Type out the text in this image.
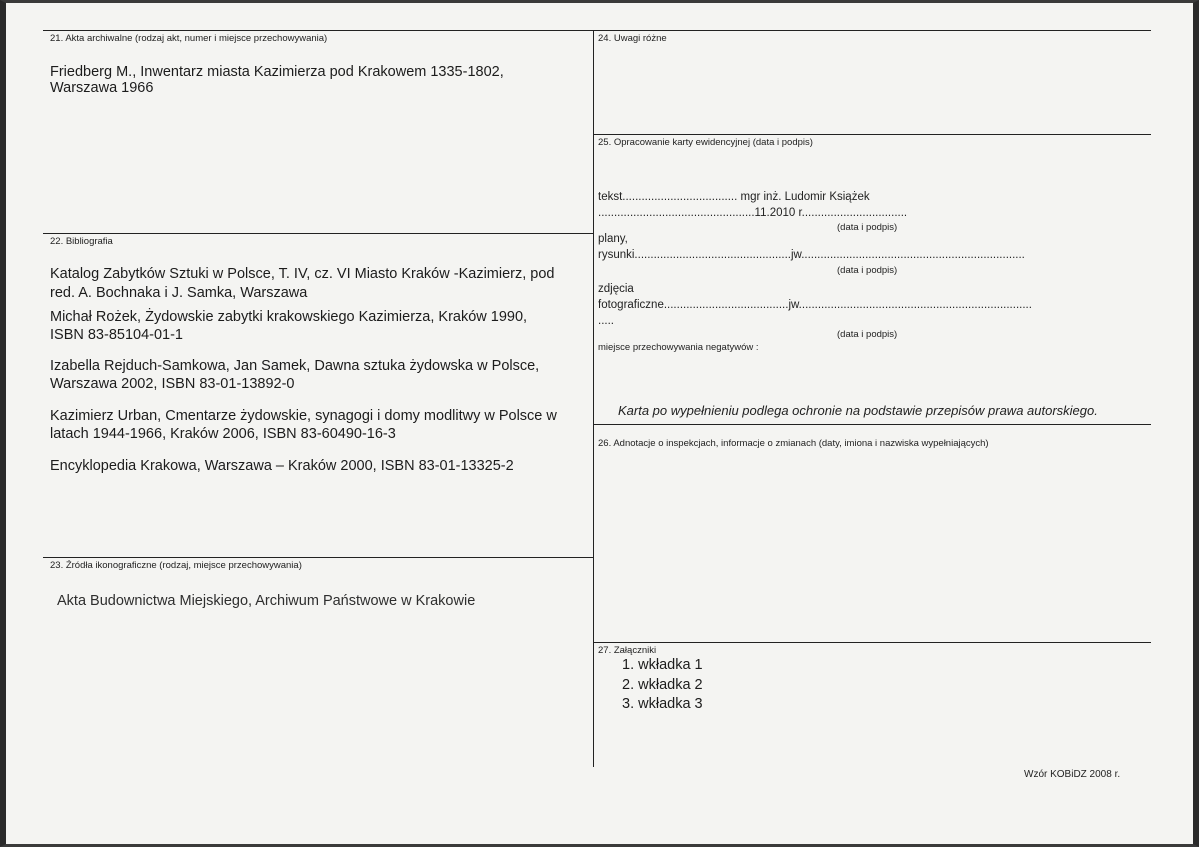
21. Akta archiwalne (rodzaj akt, numer i miejsce przechowywania)
Friedberg M., Inwentarz miasta Kazimierza pod Krakowem 1335-1802,
Warszawa 1966
22. Bibliografia
Katalog Zabytków Sztuki w Polsce, T. IV, cz. VI Miasto Kraków -Kazimierz, pod
red. A. Bochnaka i J. Samka, Warszawa
Michał Rożek, Żydowskie zabytki krakowskiego Kazimierza, Kraków 1990,
ISBN 83-85104-01-1
Izabella Rejduch-Samkowa, Jan Samek, Dawna sztuka żydowska w Polsce,
Warszawa 2002, ISBN 83-01-13892-0
Kazimierz Urban, Cmentarze żydowskie, synagogi i domy modlitwy w Polsce w
latach 1944-1966, Kraków 2006, ISBN 83-60490-16-3
Encyklopedia Krakowa, Warszawa – Kraków 2000, ISBN 83-01-13325-2
23. Źródła ikonograficzne (rodzaj, miejsce przechowywania)
Akta Budownictwa Miejskiego, Archiwum Państwowe w Krakowie
24. Uwagi różne
25. Opracowanie karty ewidencyjnej (data i podpis)
tekst.................................... mgr inż. Ludomir Książek
.................................................11.2010 r.................................
(data i podpis)
plany,
rysunki.................................................jw......................................................................
(data i podpis)
zdjęcia
fotograficzne.......................................jw.........................................................................
.....
(data i podpis)
miejsce przechowywania negatywów :
Karta po wypełnieniu podlega ochronie na podstawie przepisów prawa autorskiego.
26. Adnotacje o inspekcjach, informacje o zmianach (daty, imiona i nazwiska wypełniających)
27. Załączniki
1. wkładka 1
2. wkładka 2
3. wkładka 3
Wzór KOBiDZ 2008 r.
